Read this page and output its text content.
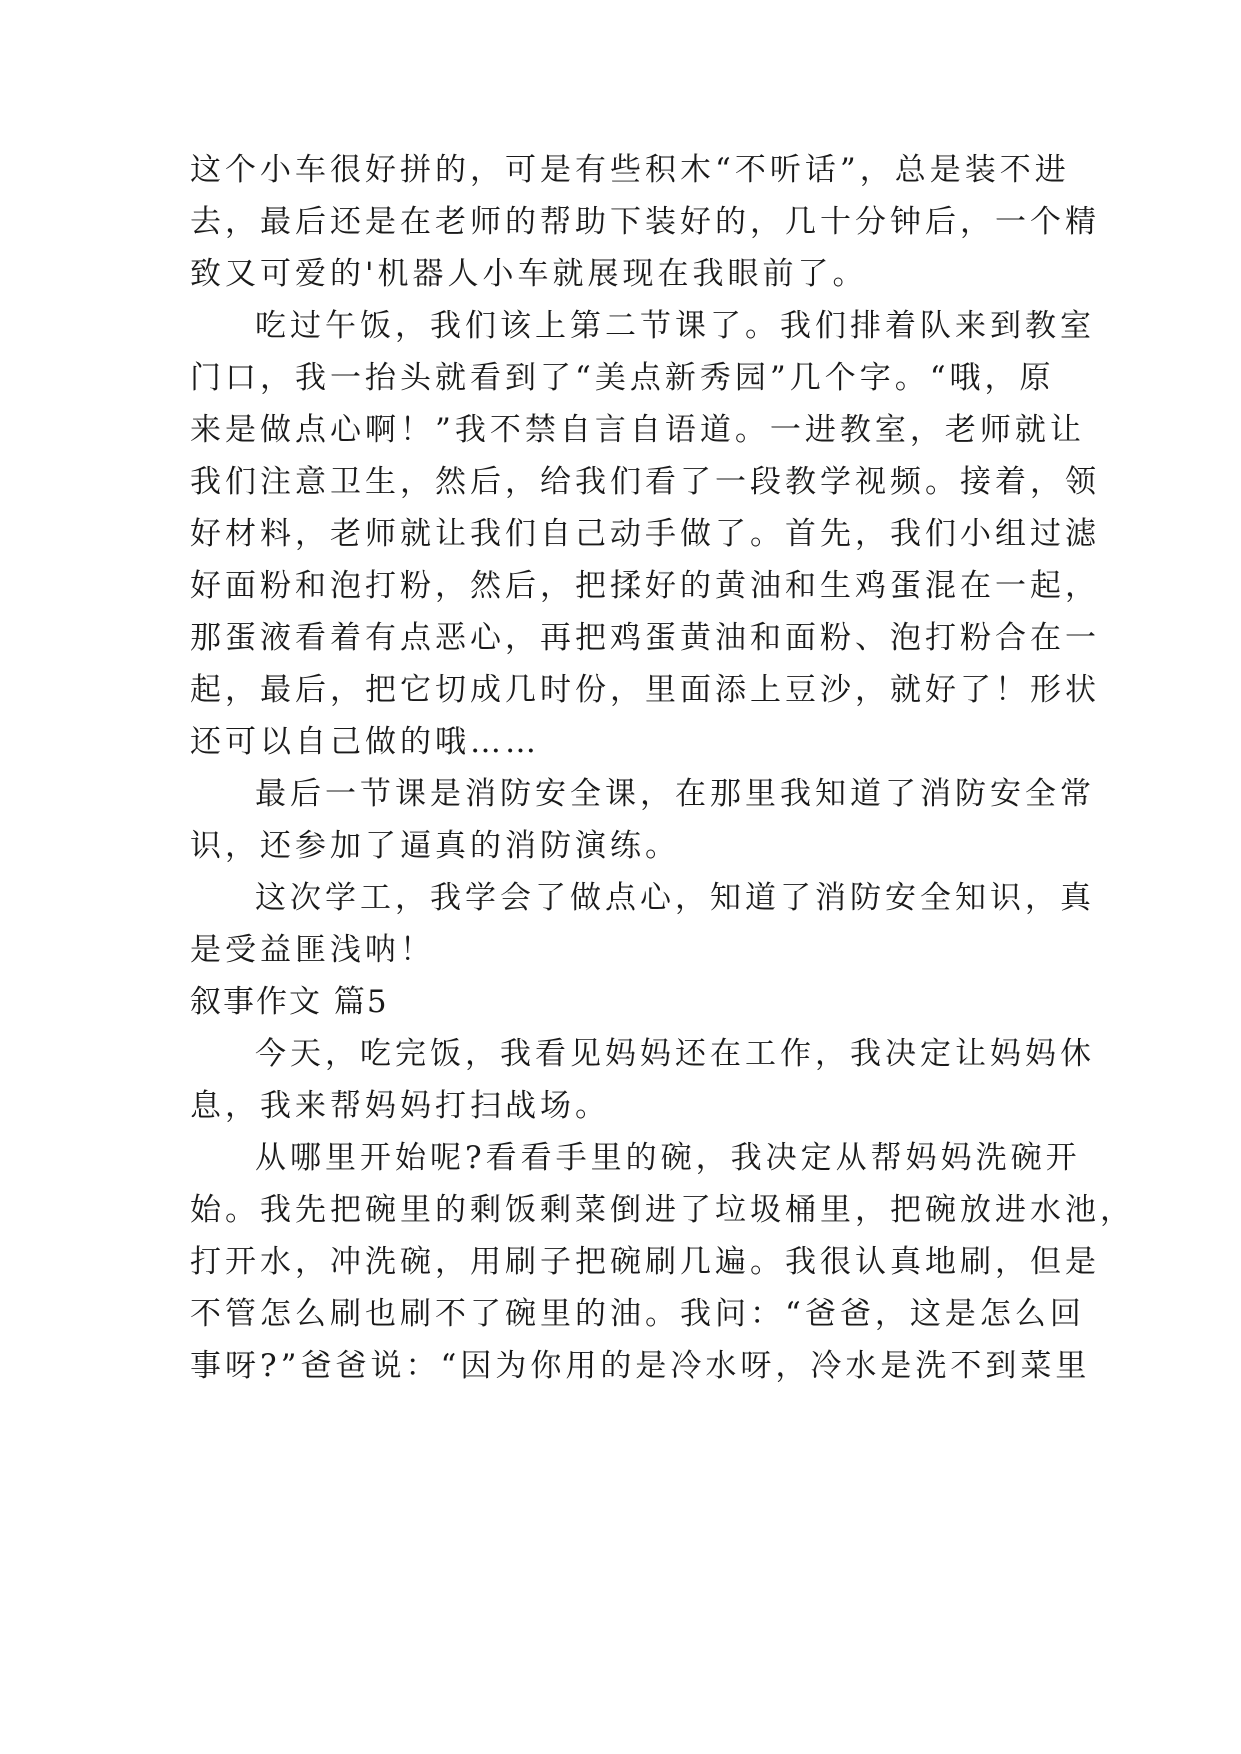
这个小车很好拼的，可是有些积木“不听话”，总是装不进
去，最后还是在老师的帮助下装好的，几十分钟后，一个精
致又可爱的'机器人小车就展现在我眼前了。
吃过午饭，我们该上第二节课了。我们排着队来到教室
门口，我一抬头就看到了“美点新秀园”几个字。“哦，原
来是做点心啊！”我不禁自言自语道。一进教室，老师就让
我们注意卫生，然后，给我们看了一段教学视频。接着，领
好材料，老师就让我们自己动手做了。首先，我们小组过滤
好面粉和泡打粉，然后，把揉好的黄油和生鸡蛋混在一起，
那蛋液看着有点恶心，再把鸡蛋黄油和面粉、泡打粉合在一
起，最后，把它切成几时份，里面添上豆沙，就好了！形状
还可以自己做的哦……
最后一节课是消防安全课，在那里我知道了消防安全常
识，还参加了逼真的消防演练。
这次学工，我学会了做点心，知道了消防安全知识，真
是受益匪浅呐！
叙事作文 篇5
今天，吃完饭，我看见妈妈还在工作，我决定让妈妈休
息，我来帮妈妈打扫战场。
从哪里开始呢?看看手里的碗，我决定从帮妈妈洗碗开
始。我先把碗里的剩饭剩菜倒进了垃圾桶里，把碗放进水池，
打开水，冲洗碗，用刷子把碗刷几遍。我很认真地刷，但是
不管怎么刷也刷不了碗里的油。我问：“爸爸，这是怎么回
事呀?”爸爸说：“因为你用的是冷水呀，冷水是洗不到菜里
